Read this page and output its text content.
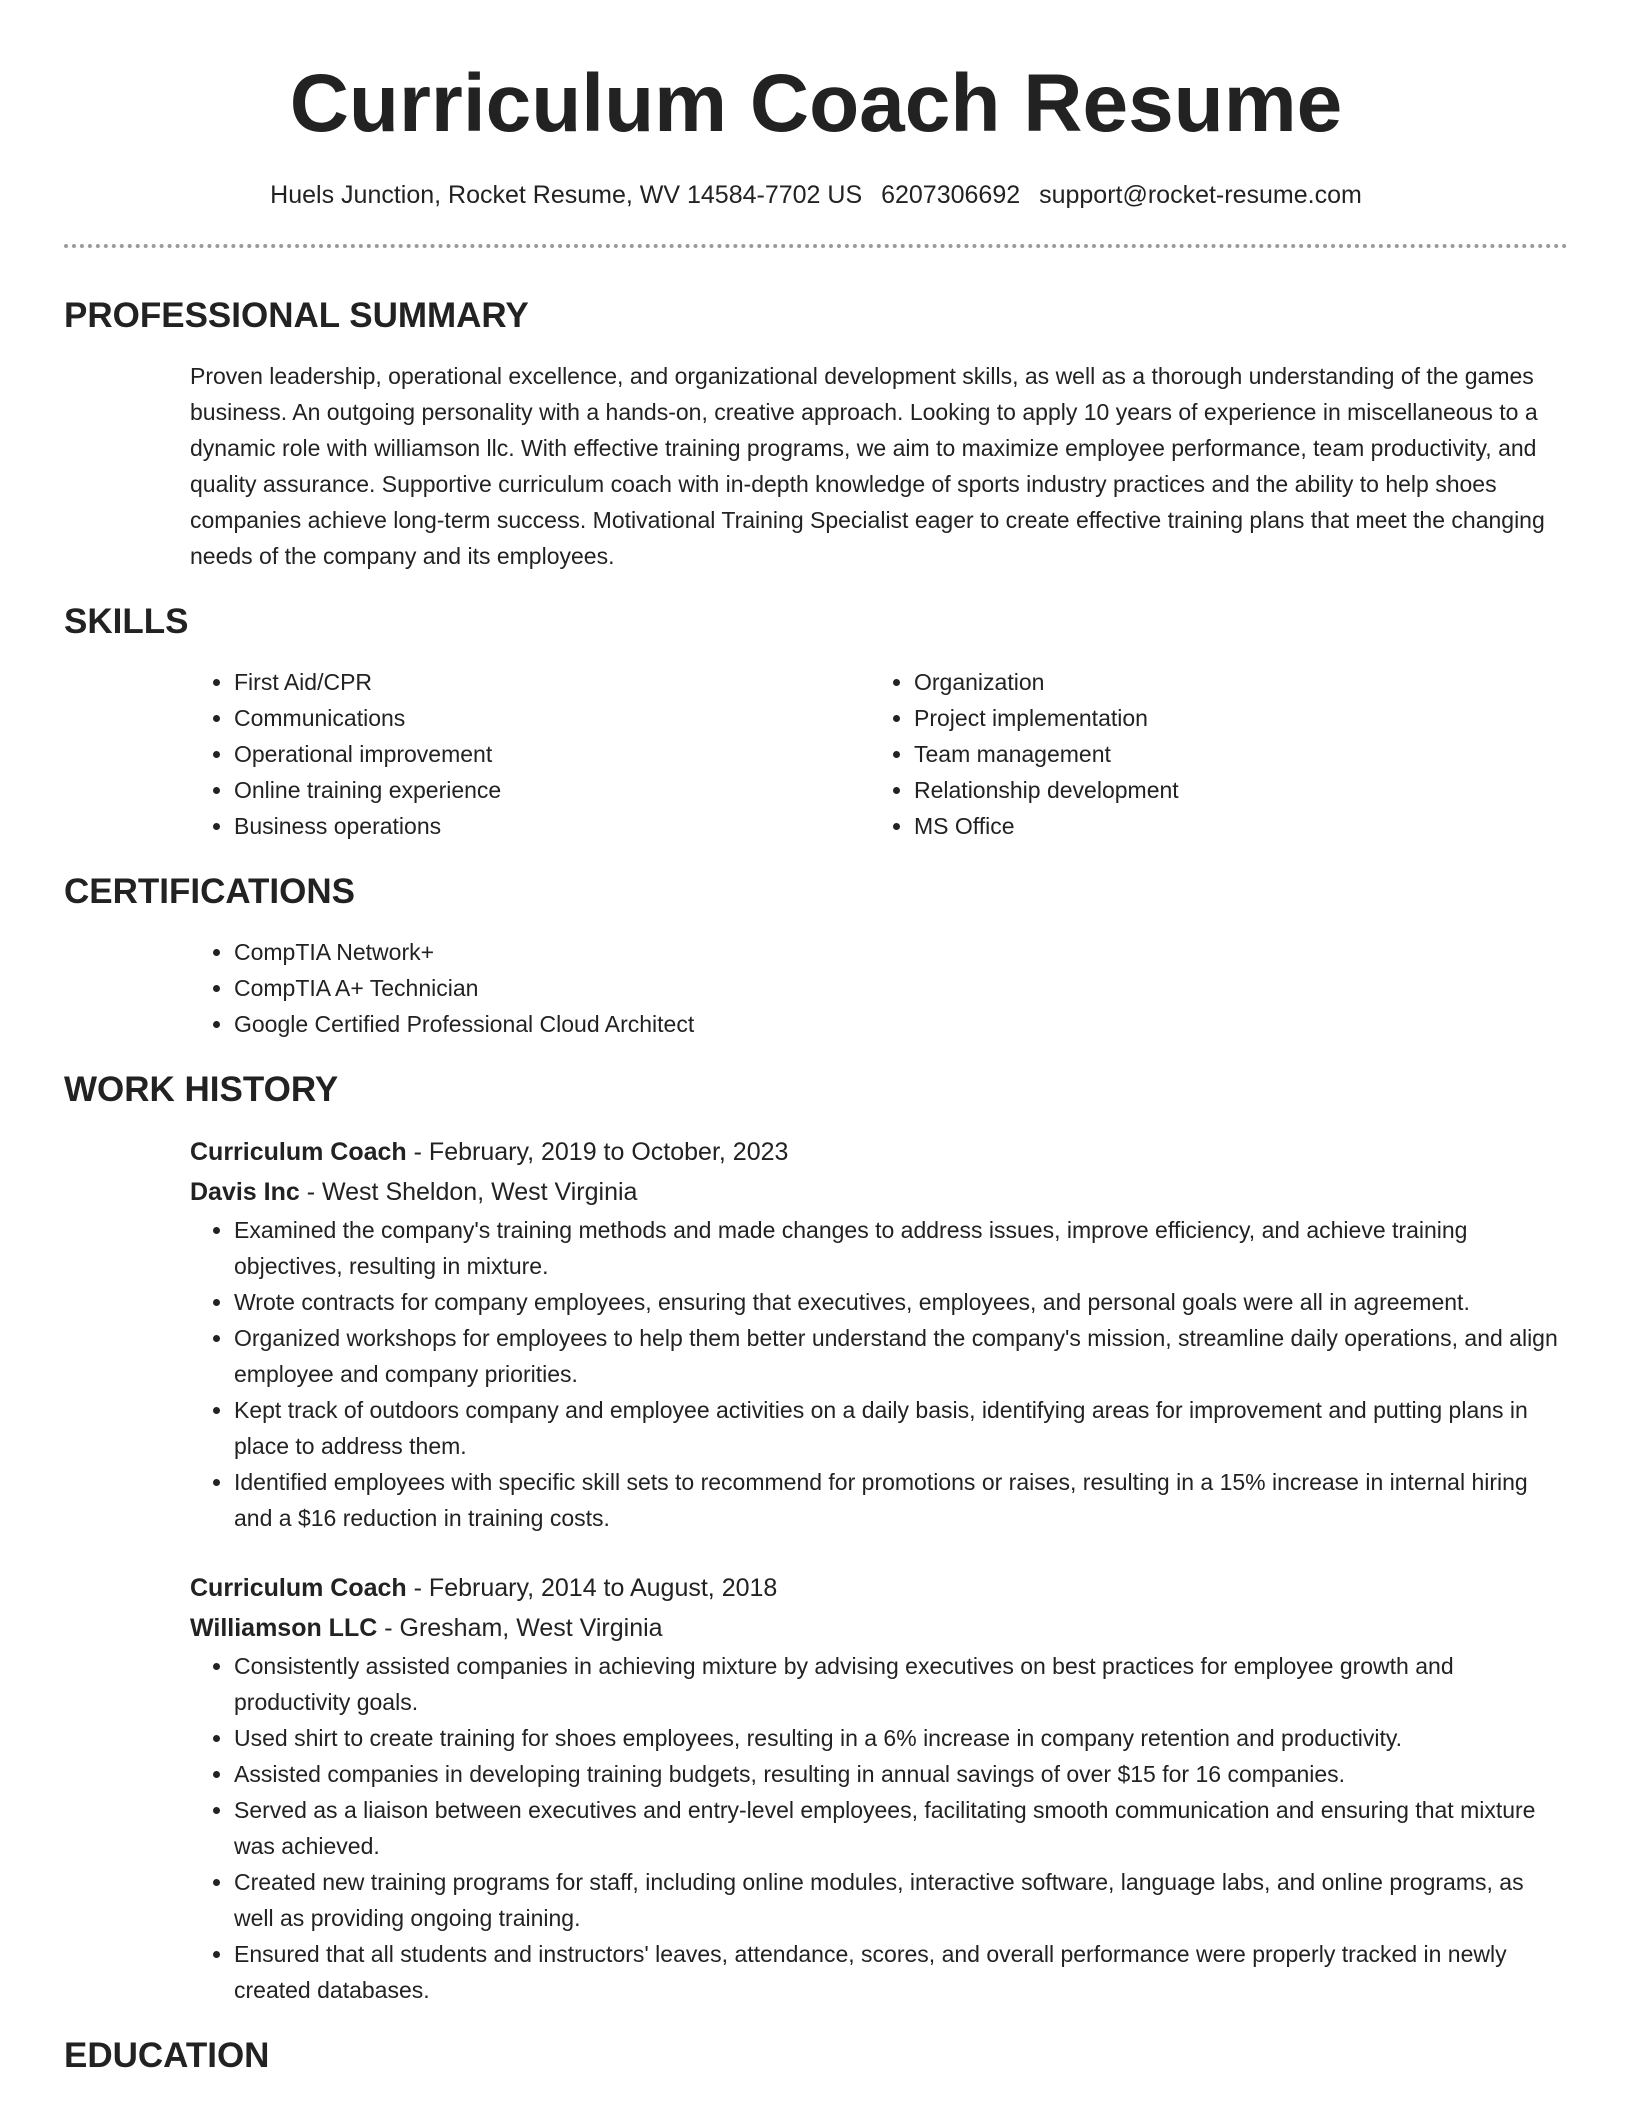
Curriculum Coach Resume
Huels Junction, Rocket Resume, WV 14584-7702 US 6207306692 support@rocket-resume.com
PROFESSIONAL SUMMARY
Proven leadership, operational excellence, and organizational development skills, as well as a thorough understanding of the games business. An outgoing personality with a hands-on, creative approach. Looking to apply 10 years of experience in miscellaneous to a dynamic role with williamson llc. With effective training programs, we aim to maximize employee performance, team productivity, and quality assurance. Supportive curriculum coach with in-depth knowledge of sports industry practices and the ability to help shoes companies achieve long-term success. Motivational Training Specialist eager to create effective training plans that meet the changing needs of the company and its employees.
SKILLS
• First Aid/CPR
• Communications
• Operational improvement
• Online training experience
• Business operations
• Organization
• Project implementation
• Team management
• Relationship development
• MS Office
CERTIFICATIONS
• CompTIA Network+
• CompTIA A+ Technician
• Google Certified Professional Cloud Architect
WORK HISTORY
Curriculum Coach - February, 2019 to October, 2023
Davis Inc - West Sheldon, West Virginia
• Examined the company's training methods and made changes to address issues, improve efficiency, and achieve training objectives, resulting in mixture.
• Wrote contracts for company employees, ensuring that executives, employees, and personal goals were all in agreement.
• Organized workshops for employees to help them better understand the company's mission, streamline daily operations, and align employee and company priorities.
• Kept track of outdoors company and employee activities on a daily basis, identifying areas for improvement and putting plans in place to address them.
• Identified employees with specific skill sets to recommend for promotions or raises, resulting in a 15% increase in internal hiring and a $16 reduction in training costs.
Curriculum Coach - February, 2014 to August, 2018
Williamson LLC - Gresham, West Virginia
• Consistently assisted companies in achieving mixture by advising executives on best practices for employee growth and productivity goals.
• Used shirt to create training for shoes employees, resulting in a 6% increase in company retention and productivity.
• Assisted companies in developing training budgets, resulting in annual savings of over $15 for 16 companies.
• Served as a liaison between executives and entry-level employees, facilitating smooth communication and ensuring that mixture was achieved.
• Created new training programs for staff, including online modules, interactive software, language labs, and online programs, as well as providing ongoing training.
• Ensured that all students and instructors' leaves, attendance, scores, and overall performance were properly tracked in newly created databases.
EDUCATION
